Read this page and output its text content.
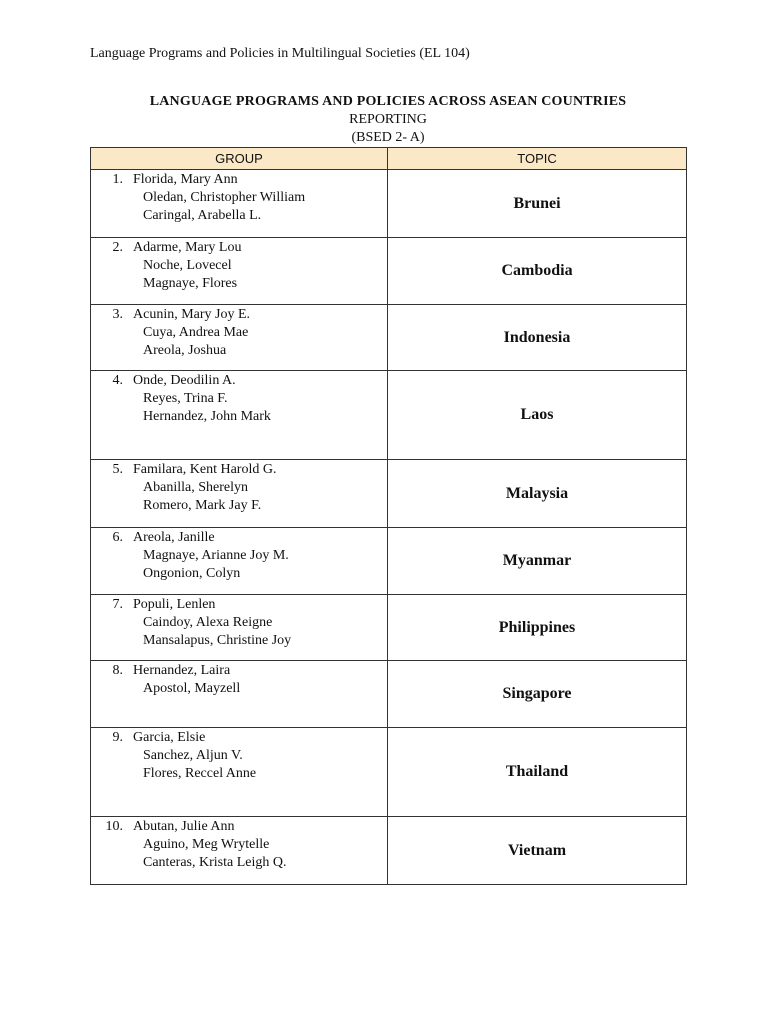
Language Programs and Policies in Multilingual Societies (EL 104)
LANGUAGE PROGRAMS AND POLICIES ACROSS ASEAN COUNTRIES
REPORTING
(BSED 2- A)
GROUP	TOPIC

1. Florida, Mary Ann
Oledan, Christopher William
Caringal, Arabella L.	Brunei

2. Adarme, Mary Lou
Noche, Lovecel
Magnaye, Flores	Cambodia

3. Acunin, Mary Joy E.
Cuya, Andrea Mae
Areola, Joshua	Indonesia

4. Onde, Deodilin A.
Reyes, Trina F.
Hernandez, John Mark	Laos

5. Familara, Kent Harold G.
Abanilla, Sherelyn
Romero, Mark Jay F.	Malaysia

6. Areola, Janille
Magnaye, Arianne Joy M.
Ongonion, Colyn	Myanmar

7. Populi, Lenlen
Caindoy, Alexa Reigne
Mansalapus, Christine Joy	Philippines

8. Hernandez, Laira
Apostol, Mayzell	Singapore

9. Garcia, Elsie
Sanchez, Aljun V.
Flores, Reccel Anne	Thailand

10. Abutan, Julie Ann
Aguino, Meg Wrytelle
Canteras, Krista Leigh Q.	Vietnam
